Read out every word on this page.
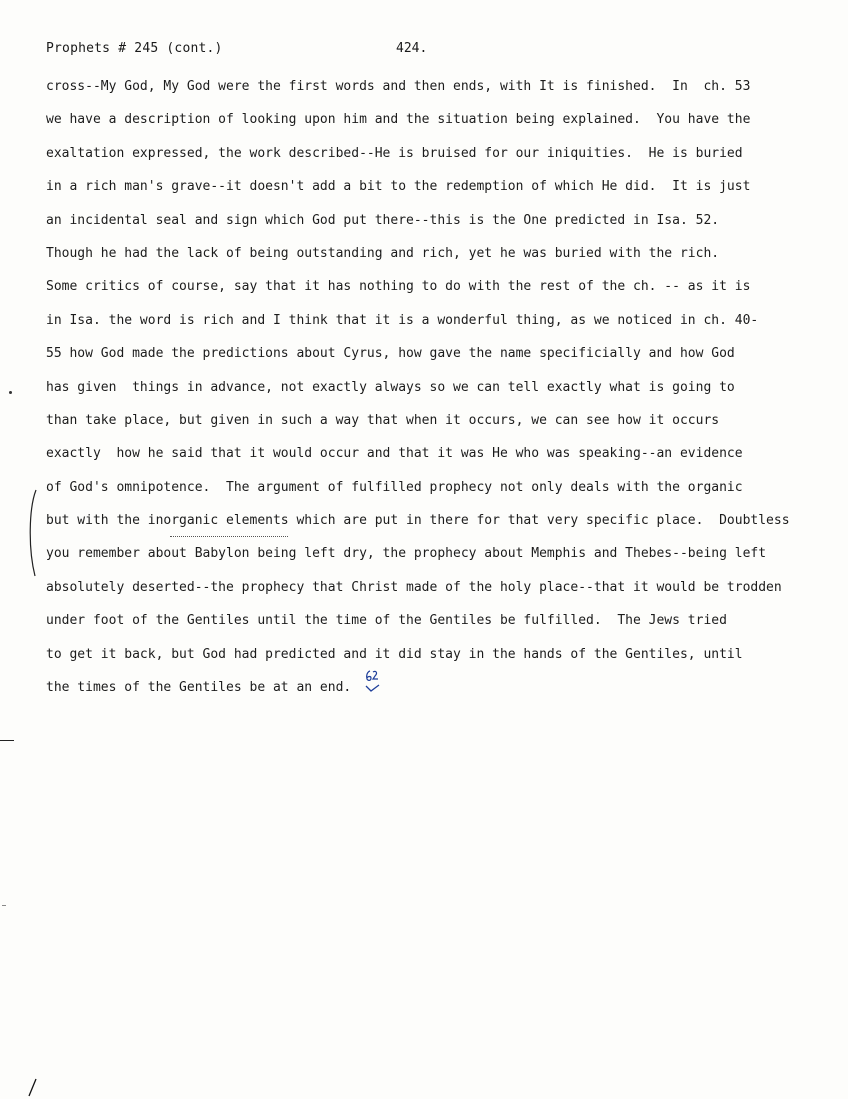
Prophets # 245 (cont.)	424.
cross--My God, My God were the first words and then ends, with It is finished.  In  ch. 53
we have a description of looking upon him and the situation being explained.  You have the
exaltation expressed, the work described--He is bruised for our iniquities.  He is buried
in a rich man's grave--it doesn't add a bit to the redemption of which He did.  It is just
an incidental seal and sign which God put there--this is the One predicted in Isa. 52.
Though he had the lack of being outstanding and rich, yet he was buried with the rich.
Some critics of course, say that it has nothing to do with the rest of the ch. -- as it is
in Isa. the word is rich and I think that it is a wonderful thing, as we noticed in ch. 40-
55 how God made the predictions about Cyrus, how gave the name specificially and how God
has given  things in advance, not exactly always so we can tell exactly what is going to
than take place, but given in such a way that when it occurs, we can see how it occurs
exactly  how he said that it would occur and that it was He who was speaking--an evidence
of God's omnipotence.  The argument of fulfilled prophecy not only deals with the organic
but with the inorganic elements which are put in there for that very specific place.  Doubtless
you remember about Babylon being left dry, the prophecy about Memphis and Thebes--being left
absolutely deserted--the prophecy that Christ made of the holy place--that it would be trodden
under foot of the Gentiles until the time of the Gentiles be fulfilled.  The Jews tried
to get it back, but God had predicted and it did stay in the hands of the Gentiles, until
the times of the Gentiles be at an end.
